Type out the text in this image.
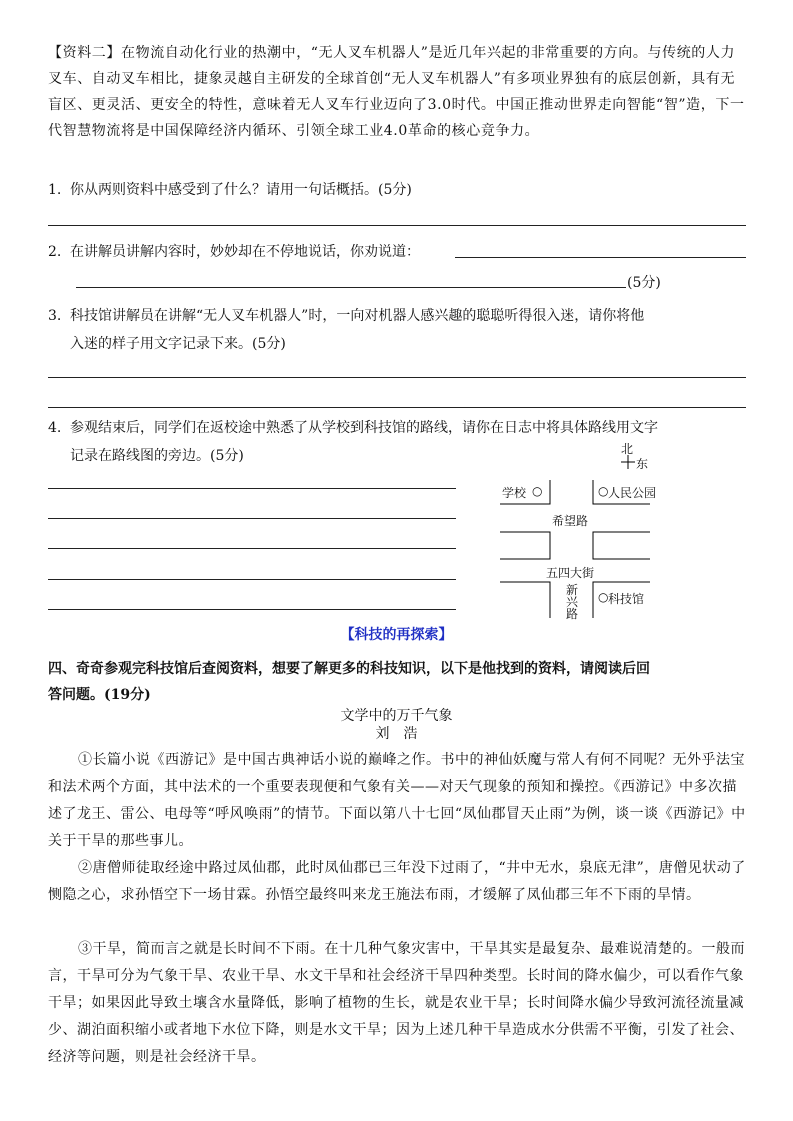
【资料二】在物流自动化行业的热潮中，“无人叉车机器人”是近几年兴起的非常重要的方向。与传统的人力叉车、自动叉车相比，捷象灵越自主研发的全球首创“无人叉车机器人”有多项业界独有的底层创新，具有无盲区、更灵活、更安全的特性，意味着无人叉车行业迈向了3.0时代。中国正推动世界走向智能“智”造，下一代智慧物流将是中国保障经济内循环、引领全球工业4.0革命的核心竞争力。
1. 你从两则资料中感受到了什么？请用一句话概括。(5分)
2. 在讲解员讲解内容时，妙妙却在不停地说话，你劝说道：
(5分)
3. 科技馆讲解员在讲解“无人叉车机器人”时，一向对机器人感兴趣的聪聪听得很入迷，请你将他
入迷的样子用文字记录下来。(5分)
4. 参观结束后，同学们在返校途中熟悉了从学校到科技馆的路线，请你在日志中将具体路线用文字
记录在路线图的旁边。(5分)	北
东
学校 ○	○ 人民公园
希望路
五四大街
新
兴
路
○ 科技馆
【科技的再探索】
四、奇奇参观完科技馆后查阅资料，想要了解更多的科技知识，以下是他找到的资料，请阅读后回
答问题。(19分)
文学中的万千气象
刘　浩
①长篇小说《西游记》是中国古典神话小说的巅峰之作。书中的神仙妖魔与常人有何不同呢？无外乎法宝和法术两个方面，其中法术的一个重要表现便和气象有关——对天气现象的预知和操控。《西游记》中多次描述了龙王、雷公、电母等“呼风唤雨”的情节。下面以第八十七回“凤仙郡冒天止雨”为例，谈一谈《西游记》中关于干旱的那些事儿。
②唐僧师徒取经途中路过凤仙郡，此时凤仙郡已三年没下过雨了，“井中无水，泉底无津”，唐僧见状动了恻隐之心，求孙悟空下一场甘霖。孙悟空最终叫来龙王施法布雨，才缓解了凤仙郡三年不下雨的旱情。
③干旱，简而言之就是长时间不下雨。在十几种气象灾害中，干旱其实是最复杂、最难说清楚的。一般而言，干旱可分为气象干旱、农业干旱、水文干旱和社会经济干旱四种类型。长时间的降水偏少，可以看作气象干旱；如果因此导致土壤含水量降低，影响了植物的生长，就是农业干旱；长时间降水偏少导致河流径流量减少、湖泊面积缩小或者地下水位下降，则是水文干旱；因为上述几种干旱造成水分供需不平衡，引发了社会、经济等问题，则是社会经济干旱。
